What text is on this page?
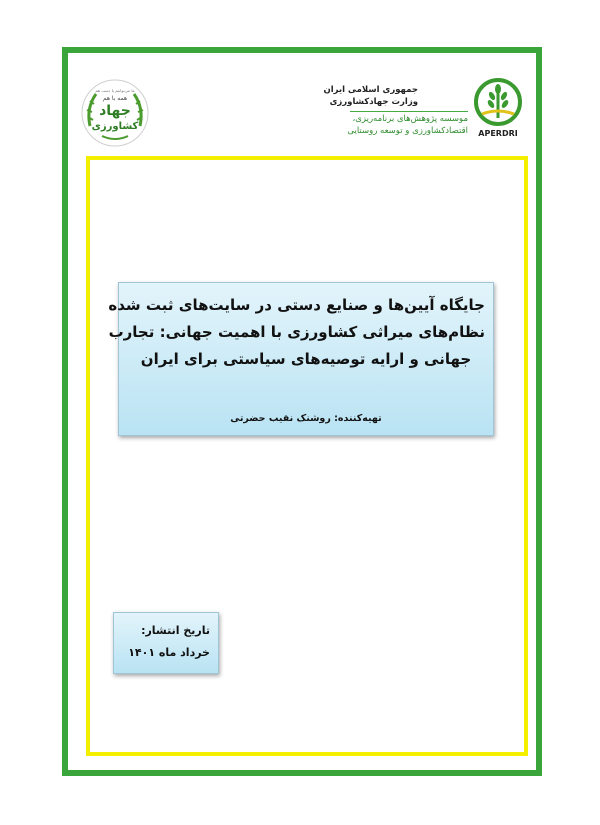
ما می‌توانیم یا دست هم
همه با هم
جهاد
کشاورزی
جمهوری اسلامی ایران
وزارت جهادکشاورزی
موسسه پژوهش‌های برنامه‌ریزی،
اقتصادکشاورزی و توسعه روستایی	APERDRI
جایگاه آیین‌ها و صنایع دستی در سایت‌های ثبت شده
نظام‌های میراثی کشاورزی با اهمیت جهانی: تجارب
جهانی و ارایه توصیه‌های سیاستی برای ایران
تهیه‌کننده: روشنک نقیب حضرتی
تاریخ انتشار:
خرداد ماه ۱۴۰۱
